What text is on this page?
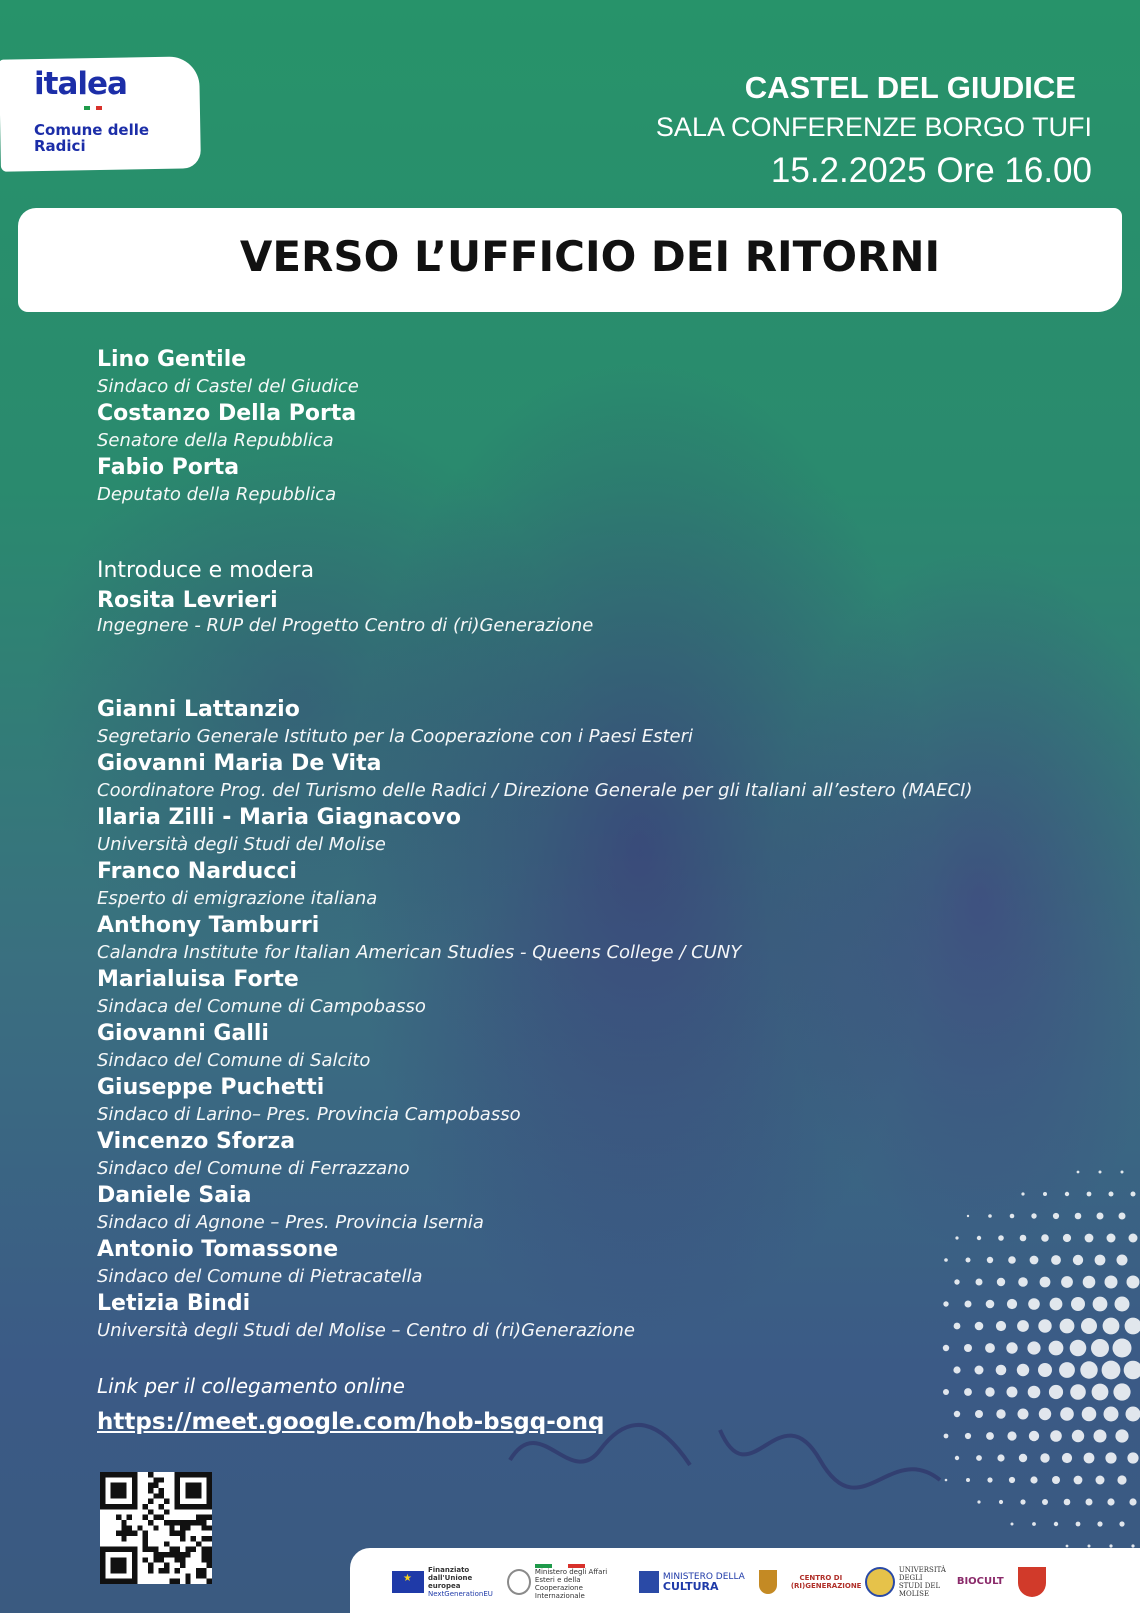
italea
Comune delle Radici
CASTEL DEL GIUDICE
SALA CONFERENZE BORGO TUFI
15.2.2025 Ore 16.00
VERSO L’UFFICIO DEI RITORNI
Lino Gentile
Sindaco di Castel del Giudice
Costanzo Della Porta
Senatore della Repubblica
Fabio Porta
Deputato della Repubblica
Introduce e modera
Rosita Levrieri
Ingegnere - RUP del Progetto Centro di (ri)Generazione
Gianni Lattanzio
Segretario Generale Istituto per la Cooperazione con i Paesi Esteri
Giovanni Maria De Vita
Coordinatore Prog. del Turismo delle Radici / Direzione Generale per gli Italiani all’estero (MAECI)
Ilaria Zilli - Maria Giagnacovo
Università degli Studi del Molise
Franco Narducci
Esperto di emigrazione italiana
Anthony Tamburri
Calandra Institute for Italian American Studies - Queens College / CUNY
Marialuisa Forte
Sindaca del Comune di Campobasso
Giovanni Galli
Sindaco del Comune di Salcito
Giuseppe Puchetti
Sindaco di Larino– Pres. Provincia Campobasso
Vincenzo Sforza
Sindaco del Comune di Ferrazzano
Daniele Saia
Sindaco di Agnone – Pres. Provincia Isernia
Antonio Tomassone
Sindaco del Comune di Pietracatella
Letizia Bindi
Università degli Studi del Molise – Centro di (ri)Generazione
Link per il collegamento online
https://meet.google.com/hob-bsgq-onq
★
Finanziato dall'Unione europea
NextGenerationEU
Ministero degli Affari Esteri e della Cooperazione Internazionale
MINISTERO DELLA
CULTURA
CENTRO DI (RI)GENERAZIONE
UNIVERSITÀ DEGLI STUDI DEL MOLISE
BIOCULT
